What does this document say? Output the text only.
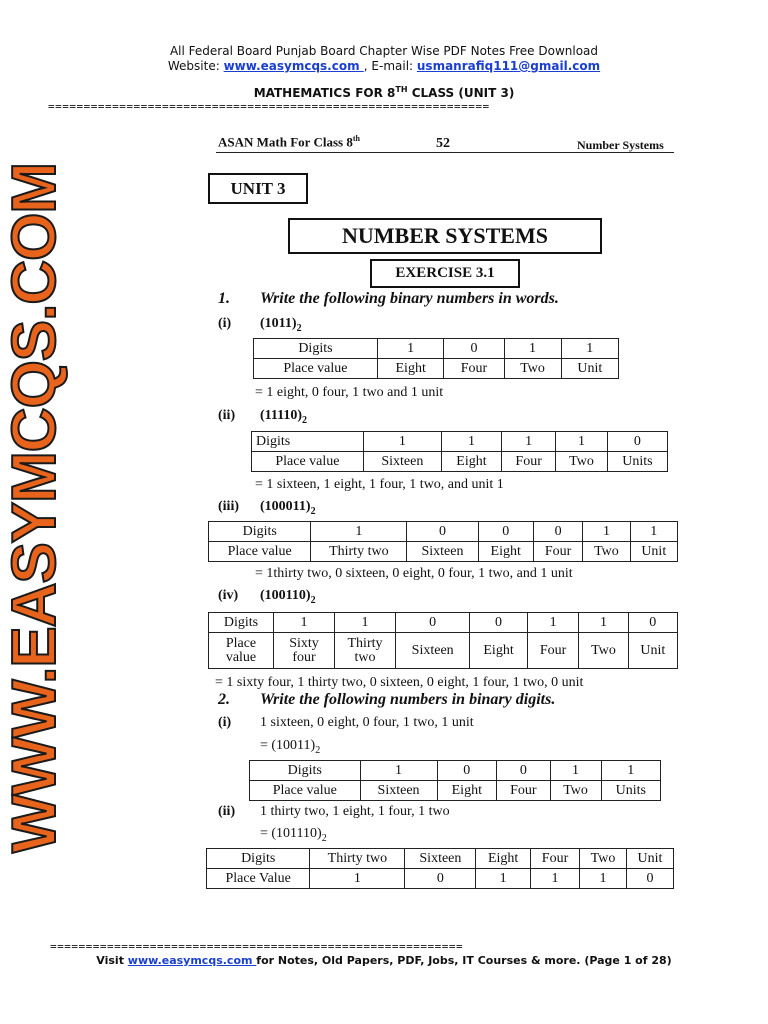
All Federal Board Punjab Board Chapter Wise PDF Notes Free Download
Website: www.easymcqs.com , E-mail: usmanrafiq111@gmail.com
MATHEMATICS FOR 8TH CLASS (UNIT 3)
==============================================================
WWW.EASYMCQS.COM
ASAN Math For Class 8th	52	Number Systems
UNIT 3
NUMBER SYSTEMS
EXERCISE 3.1
1. Write the following binary numbers in words.
(i) $(1011)_2$
Digits	1	0	1	1
Place value	Eight	Four	Two	Unit
= 1 eight, 0 four, 1 two and 1 unit
(ii) $(11110)_2$
Digits	1	1	1	1	0
Place value	Sixteen	Eight	Four	Two	Units
= 1 sixteen, 1 eight, 1 four, 1 two, and unit 1
(iii) $(100011)_2$
Digits	1	0	0	0	1	1
Place value	Thirty two	Sixteen	Eight	Four	Two	Unit
= 1thirty two, 0 sixteen, 0 eight, 0 four, 1 two, and 1 unit
(iv) $(100110)_2$
Digits	1	1	0	0	1	1	0
Place value	Sixty four	Thirty two	Sixteen	Eight	Four	Two	Unit
= 1 sixty four, 1 thirty two, 0 sixteen, 0 eight, 1 four, 1 two, 0 unit
2. Write the following numbers in binary digits.
(i) 1 sixteen, 0 eight, 0 four, 1 two, 1 unit
= $(10011)_2$
Digits	1	0	0	1	1
Place value	Sixteen	Eight	Four	Two	Units
(ii) 1 thirty two, 1 eight, 1 four, 1 two
= $(101110)_2$
Digits	Thirty two	Sixteen	Eight	Four	Two	Unit
Place Value	1	0	1	1	1	0
==========================================================
Visit www.easymcqs.com for Notes, Old Papers, PDF, Jobs, IT Courses & more. (Page 1 of 28)
